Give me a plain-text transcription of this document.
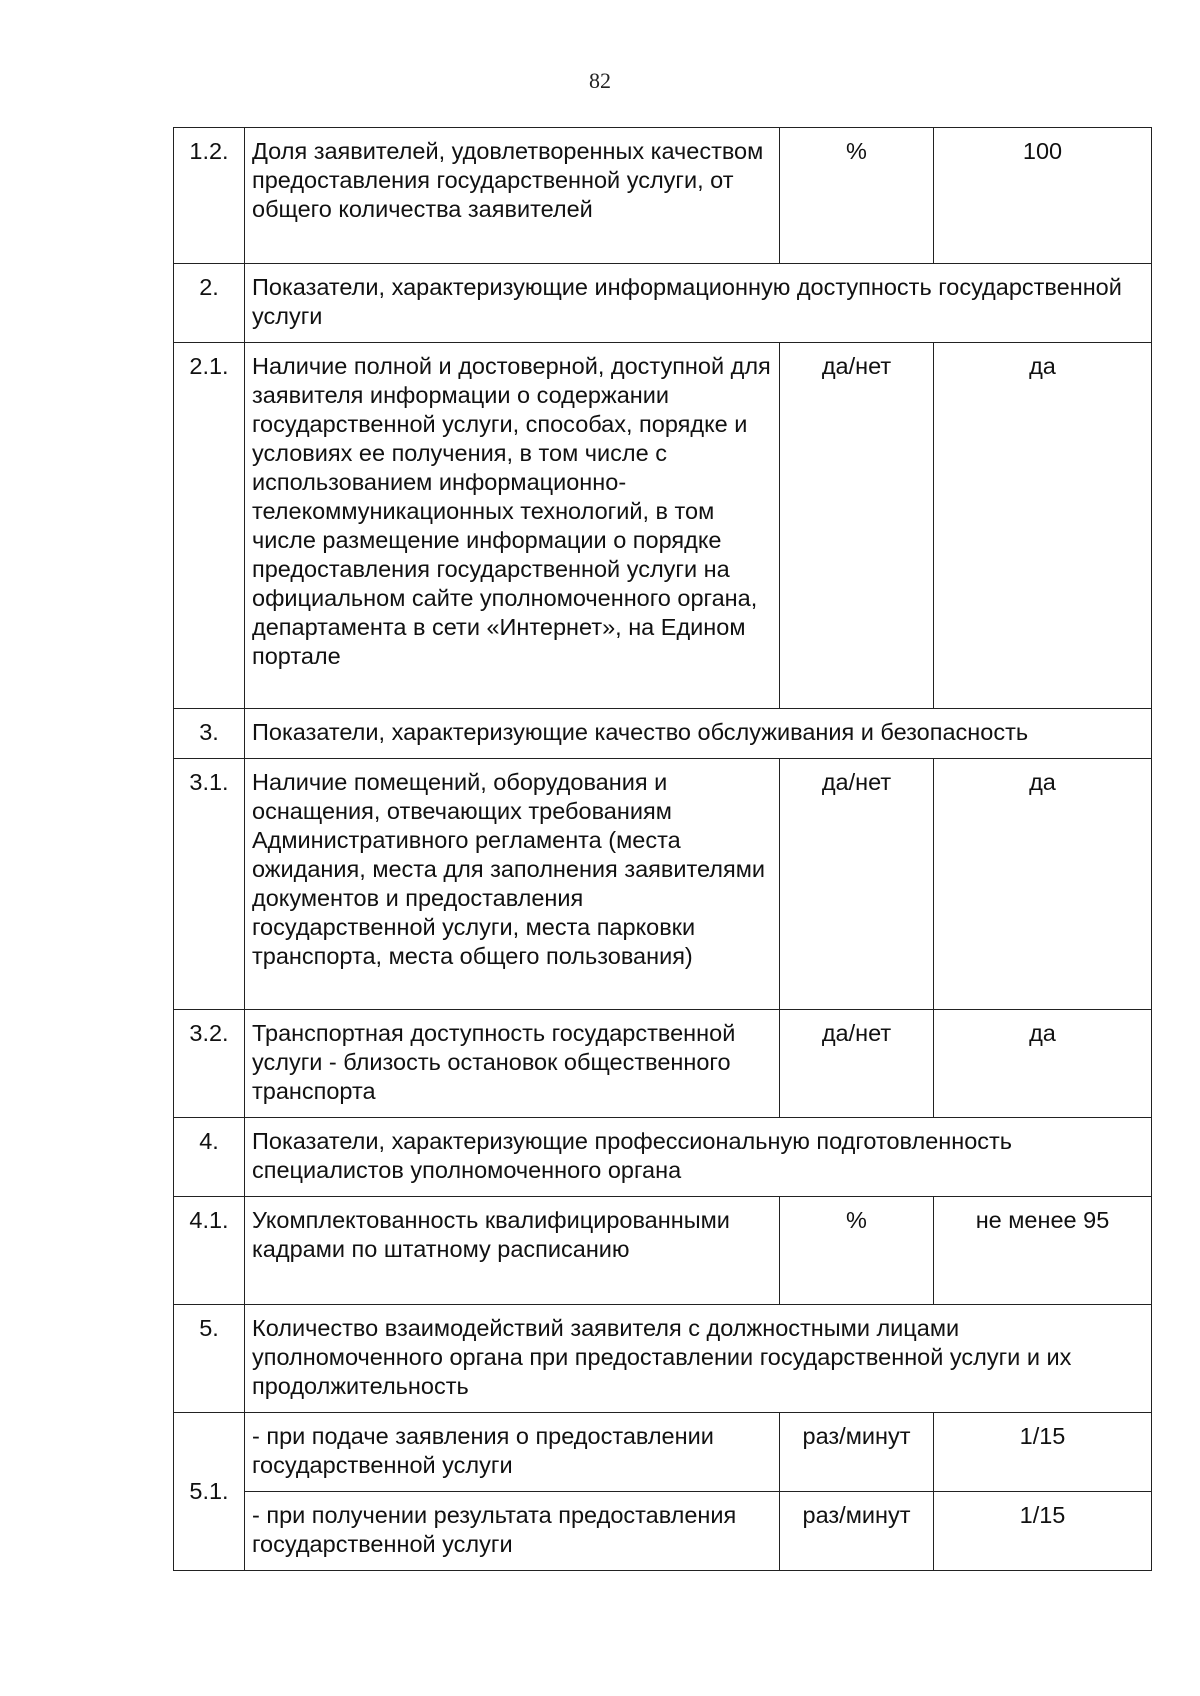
82
1.2.	Доля заявителей, удовлетворенных качеством предоставления государственной услуги, от общего количества заявителей	%	100
2.	Показатели, характеризующие информационную доступность государственной услуги		
2.1.	Наличие полной и достоверной, доступной для заявителя информации о содержании государственной услуги, способах, порядке и условиях ее получения, в том числе с использованием информационно-телекоммуникационных технологий, в том числе размещение информации о порядке предоставления государственной услуги на официальном сайте уполномоченного органа, департамента в сети «Интернет», на Едином портале	да/нет	да
3.	Показатели, характеризующие качество обслуживания и безопасность		
3.1.	Наличие помещений, оборудования и оснащения, отвечающих требованиям Административного регламента (места ожидания, места для заполнения заявителями документов и предоставления государственной услуги, места парковки транспорта, места общего пользования)	да/нет	да
3.2.	Транспортная доступность государственной услуги - близость остановок общественного транспорта	да/нет	да
4.	Показатели, характеризующие профессиональную подготовленность специалистов уполномоченного органа		
4.1.	Укомплектованность квалифицированными кадрами по штатному расписанию	%	не менее 95
5.	Количество взаимодействий заявителя с должностными лицами уполномоченного органа при предоставлении государственной услуги и их продолжительность		
5.1.	- при подаче заявления о предоставлении государственной услуги	раз/минут	1/15
	- при получении результата предоставления государственной услуги	раз/минут	1/15
